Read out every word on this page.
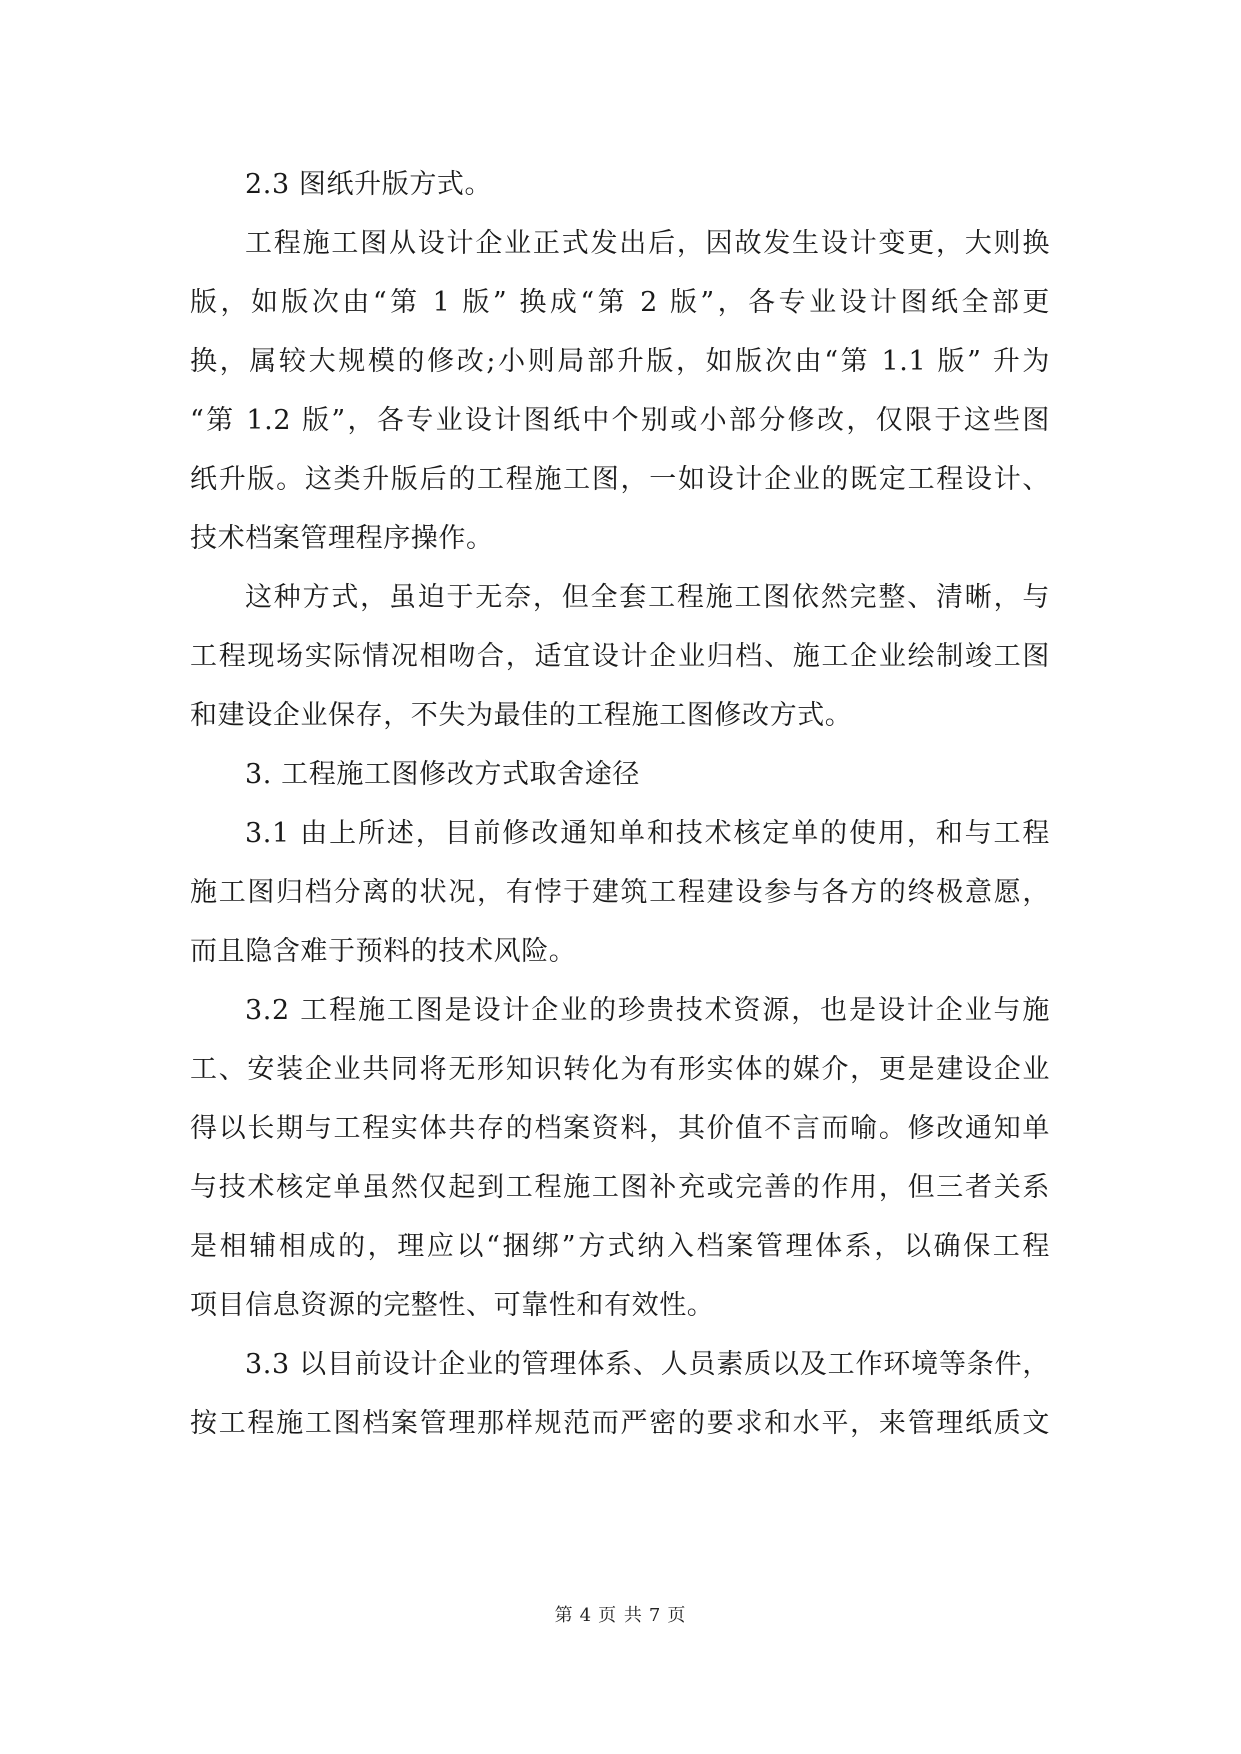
2.3 图纸升版方式。
工程施工图从设计企业正式发出后，因故发生设计变更，大则换
版，如版次由“第 1 版” 换成“第 2 版”，各专业设计图纸全部更
换，属较大规模的修改;小则局部升版，如版次由“第 1.1 版” 升为
“第 1.2 版”，各专业设计图纸中个别或小部分修改，仅限于这些图
纸升版。这类升版后的工程施工图，一如设计企业的既定工程设计、
技术档案管理程序操作。
这种方式，虽迫于无奈，但全套工程施工图依然完整、清晰，与
工程现场实际情况相吻合，适宜设计企业归档、施工企业绘制竣工图
和建设企业保存，不失为最佳的工程施工图修改方式。
3. 工程施工图修改方式取舍途径
3.1 由上所述，目前修改通知单和技术核定单的使用，和与工程
施工图归档分离的状况，有悖于建筑工程建设参与各方的终极意愿，
而且隐含难于预料的技术风险。
3.2 工程施工图是设计企业的珍贵技术资源，也是设计企业与施
工、安装企业共同将无形知识转化为有形实体的媒介，更是建设企业
得以长期与工程实体共存的档案资料，其价值不言而喻。修改通知单
与技术核定单虽然仅起到工程施工图补充或完善的作用，但三者关系
是相辅相成的，理应以“捆绑”方式纳入档案管理体系，以确保工程
项目信息资源的完整性、可靠性和有效性。
3.3 以目前设计企业的管理体系、人员素质以及工作环境等条件，
按工程施工图档案管理那样规范而严密的要求和水平，来管理纸质文
第 4 页 共 7 页
